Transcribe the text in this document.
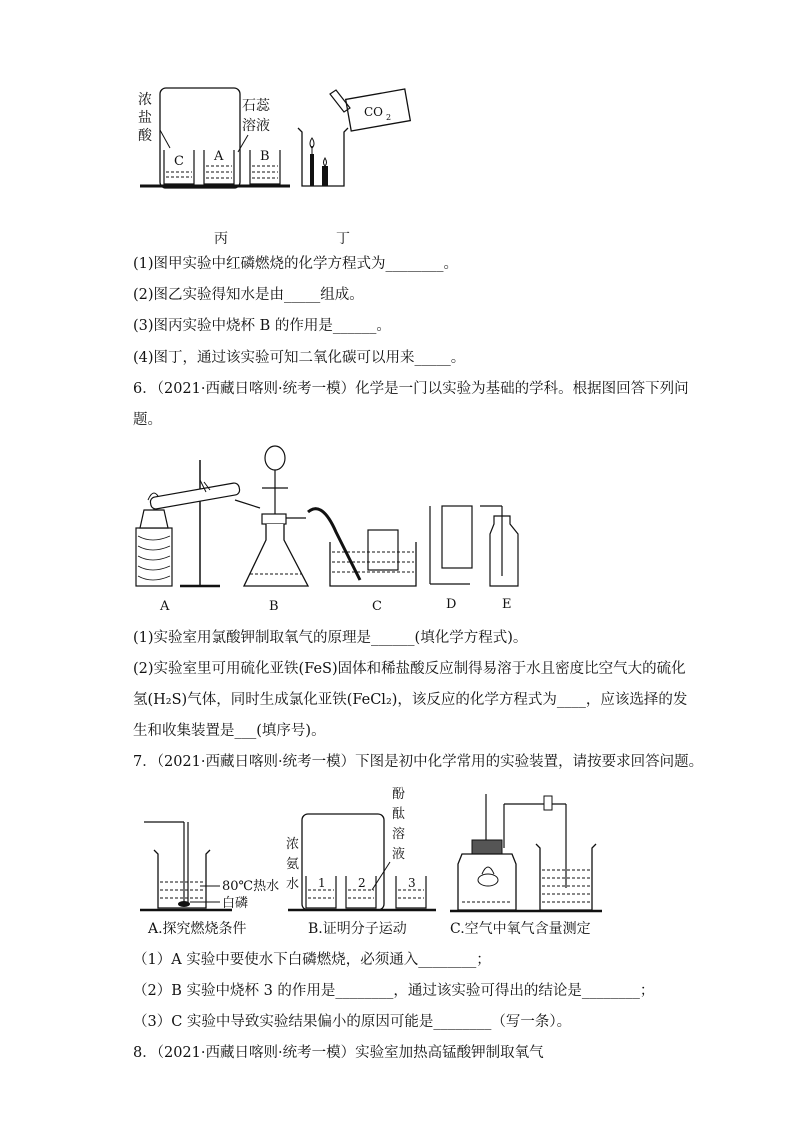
浓
盐
酸
石蕊
溶液
C A	B
CO 2
丙	丁
(1)图甲实验中红磷燃烧的化学方程式为________。
(2)图乙实验得知水是由_____组成。
(3)图丙实验中烧杯 B 的作用是______。
(4)图丁，通过该实验可知二氧化碳可以用来_____。
6．（2021·西藏日喀则·统考一模）化学是一门以实验为基础的学科。根据图回答下列问
题。
A	B	C	D	E
(1)实验室用氯酸钾制取氧气的原理是______(填化学方程式)。
(2)实验室里可用硫化亚铁(FeS)固体和稀盐酸反应制得易溶于水且密度比空气大的硫化
氢(H₂S)气体，同时生成氯化亚铁(FeCl₂)，该反应的化学方程式为____，应该选择的发
生和收集装置是___(填序号)。
7．（2021·西藏日喀则·统考一模）下图是初中化学常用的实验装置，请按要求回答问题。
80℃热水
白磷
浓
氨
水
酚
酞
溶
液
1	2	3
A.探究燃烧条件	B.证明分子运动	C.空气中氧气含量测定
（1）A 实验中要使水下白磷燃烧，必须通入________；
（2）B 实验中烧杯 3 的作用是________，通过该实验可得出的结论是________；
（3）C 实验中导致实验结果偏小的原因可能是________（写一条）。
8．（2021·西藏日喀则·统考一模）实验室加热高锰酸钾制取氧气
